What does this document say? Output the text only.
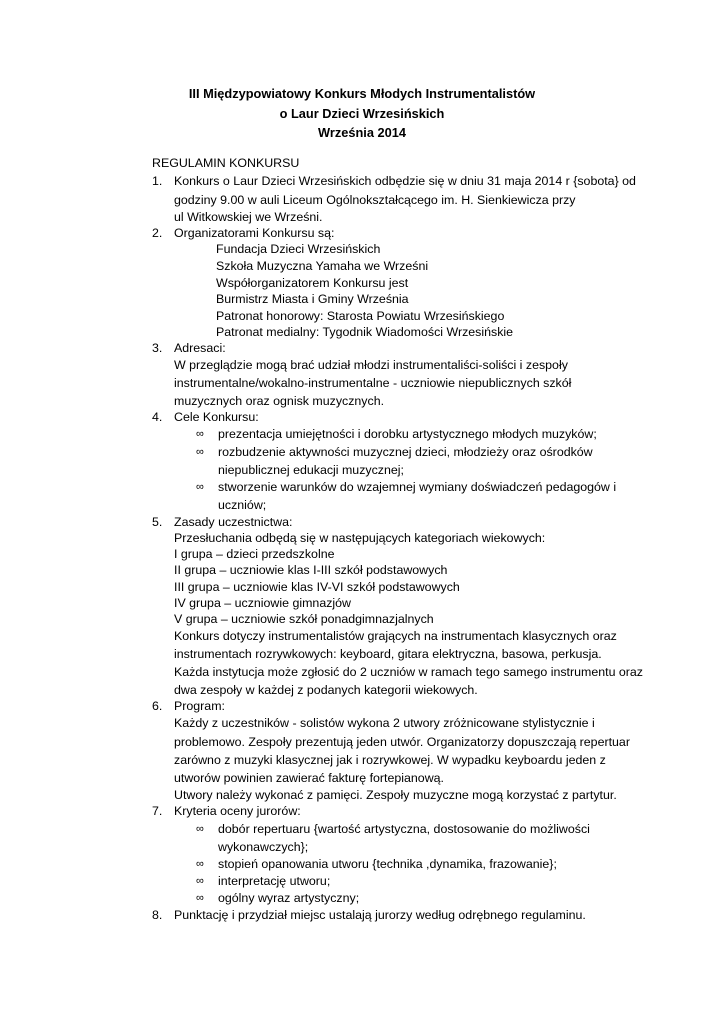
III Międzypowiatowy Konkurs Młodych Instrumentalistów
o Laur Dzieci Wrzesińskich
Września 2014
REGULAMIN KONKURSU
1. Konkurs o Laur Dzieci Wrzesińskich odbędzie się w dniu 31 maja 2014 r {sobota} od
godziny 9.00 w auli Liceum Ogólnokształcącego im. H. Sienkiewicza przy
ul Witkowskiej we Wrześni.
2. Organizatorami Konkursu są:
Fundacja Dzieci Wrzesińskich
Szkoła Muzyczna Yamaha we Wrześni
Współorganizatorem Konkursu jest
Burmistrz Miasta i Gminy Września
Patronat honorowy: Starosta Powiatu Wrzesińskiego
Patronat medialny: Tygodnik Wiadomości Wrzesińskie
3. Adresaci:
W przeglądzie mogą brać udział młodzi instrumentaliści-soliści i zespoły
instrumentalne/wokalno-instrumentalne - uczniowie niepublicznych szkół
muzycznych oraz ognisk muzycznych.
4. Cele Konkursu:
∞ prezentacja umiejętności i dorobku artystycznego młodych muzyków;
∞ rozbudzenie aktywności muzycznej dzieci, młodzieży oraz ośrodków
niepublicznej edukacji muzycznej;
∞ stworzenie warunków do wzajemnej wymiany doświadczeń pedagogów i
uczniów;
5. Zasady uczestnictwa:
Przesłuchania odbędą się w następujących kategoriach wiekowych:
I grupa – dzieci przedszkolne
II grupa – uczniowie klas I-III szkół podstawowych
III grupa – uczniowie klas IV-VI szkół podstawowych
IV grupa – uczniowie gimnazjów
V grupa – uczniowie szkół ponadgimnazjalnych
Konkurs dotyczy instrumentalistów grających na instrumentach klasycznych oraz
instrumentach rozrywkowych: keyboard, gitara elektryczna, basowa, perkusja.
Każda instytucja może zgłosić do 2 uczniów w ramach tego samego instrumentu oraz
dwa zespoły w każdej z podanych kategorii wiekowych.
6. Program:
Każdy z uczestników - solistów wykona 2 utwory zróżnicowane stylistycznie i
problemowo. Zespoły prezentują jeden utwór. Organizatorzy dopuszczają repertuar
zarówno z muzyki klasycznej jak i rozrywkowej. W wypadku keyboardu jeden z
utworów powinien zawierać fakturę fortepianową.
Utwory należy wykonać z pamięci. Zespoły muzyczne mogą korzystać z partytur.
7. Kryteria oceny jurorów:
∞ dobór repertuaru {wartość artystyczna, dostosowanie do możliwości
wykonawczych};
∞ stopień opanowania utworu {technika ,dynamika, frazowanie};
∞ interpretację utworu;
∞ ogólny wyraz artystyczny;
8. Punktację i przydział miejsc ustalają jurorzy według odrębnego regulaminu.
